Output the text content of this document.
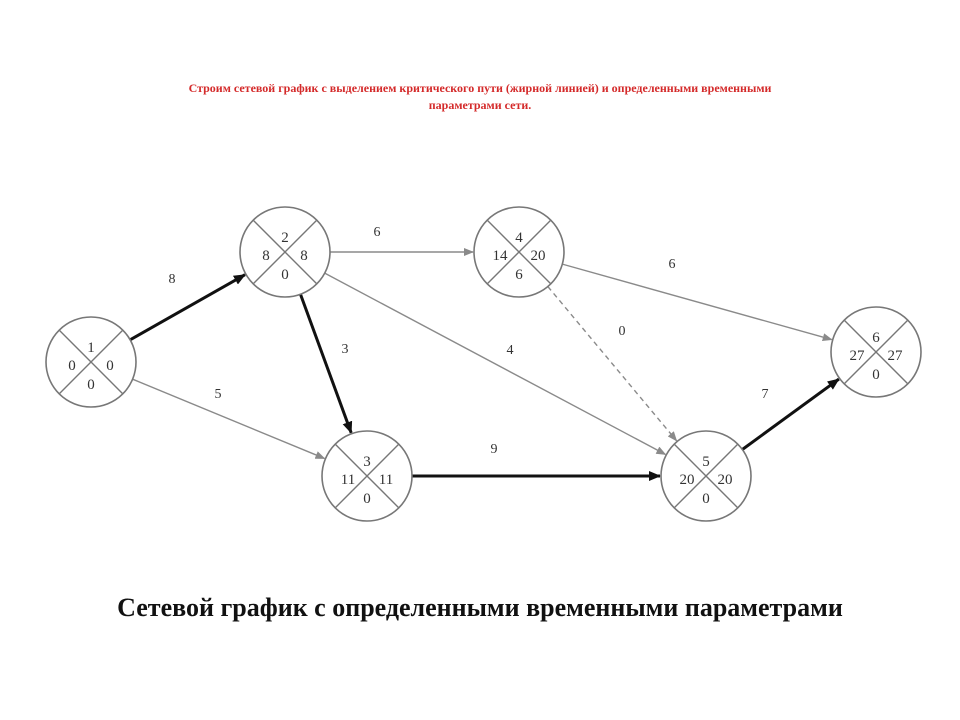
Строим сетевой график с выделением критического пути (жирной линией) и определенными временными
параметрами сети.
8
5
3
6
4
9
0
6
7
1
0 0
0
2
8 8
0
3
11 11
0
4
14 20
6
5
20 20
0
6
27 27
0
Сетевой график с определенными временными параметрами
